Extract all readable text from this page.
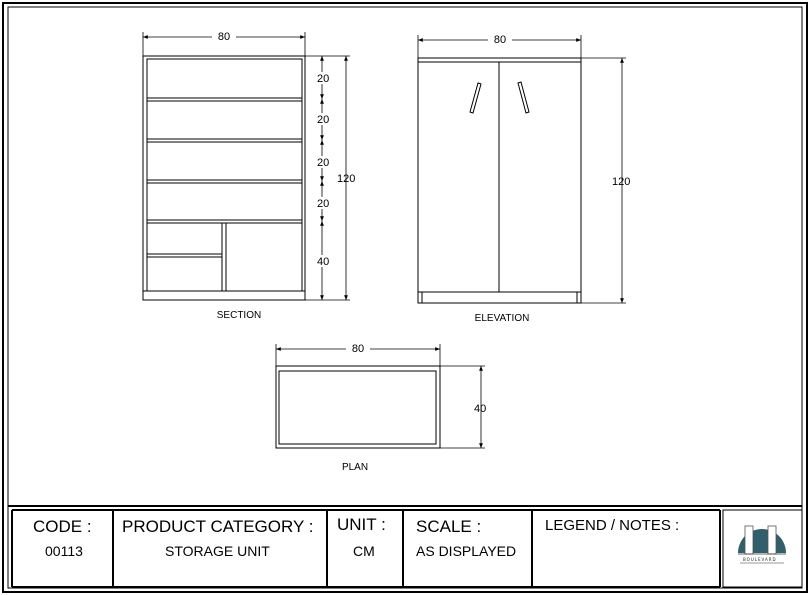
80
120
20
20
20
20
40
SECTION
80
120
ELEVATION
80
40
PLAN
CODE :
00113
PRODUCT CATEGORY :
STORAGE UNIT
UNIT :
CM
SCALE :
AS DISPLAYED
LEGEND / NOTES :
BOULEVARD
